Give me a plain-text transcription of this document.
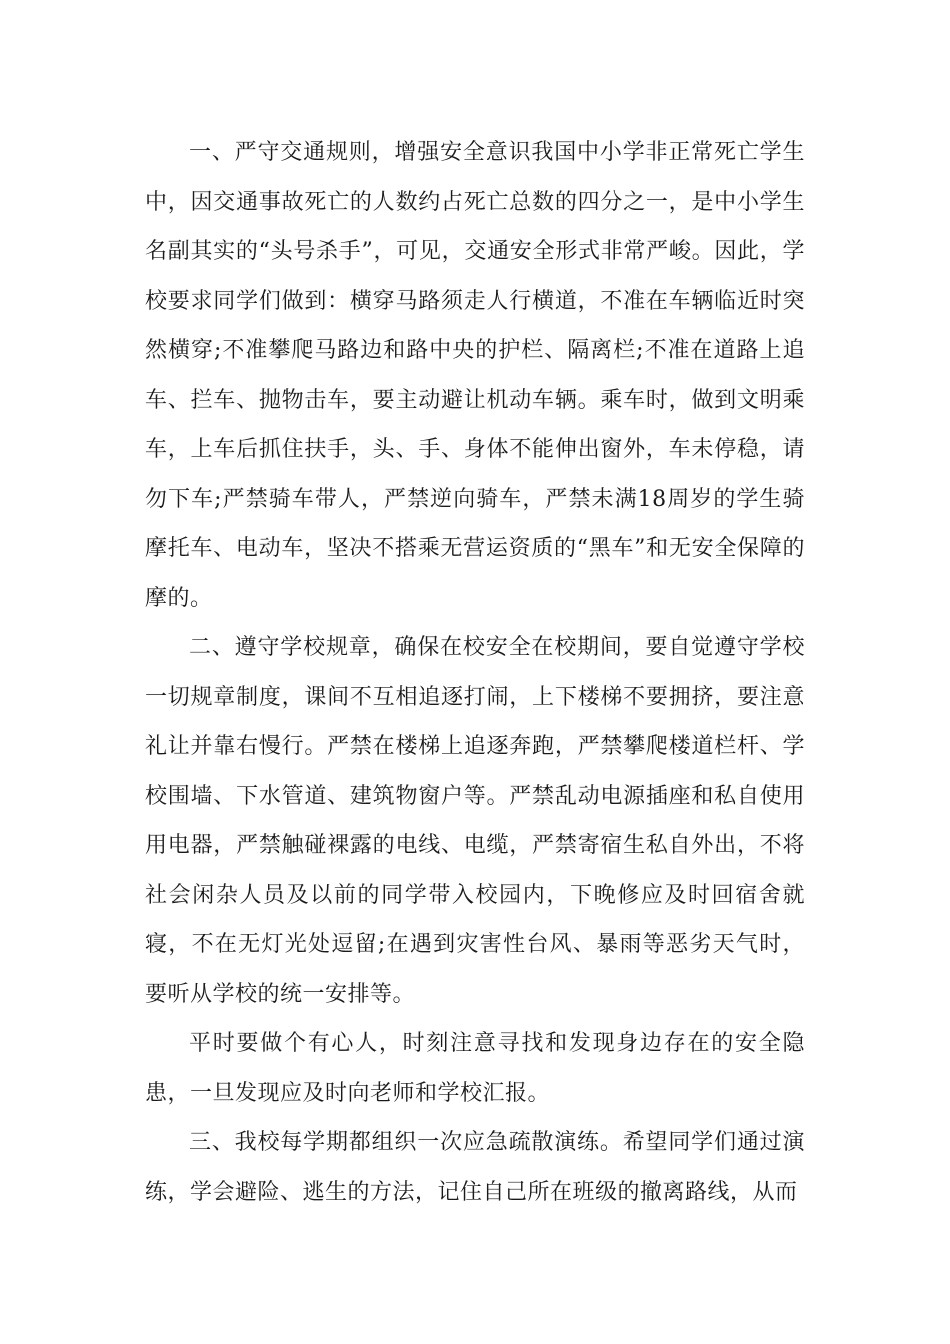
一、严守交通规则，增强安全意识我国中小学非正常死亡学生中，因交通事故死亡的人数约占死亡总数的四分之一，是中小学生名副其实的“头号杀手”，可见，交通安全形式非常严峻。因此，学校要求同学们做到：横穿马路须走人行横道，不准在车辆临近时突然横穿;不准攀爬马路边和路中央的护栏、隔离栏;不准在道路上追车、拦车、抛物击车，要主动避让机动车辆。乘车时，做到文明乘车，上车后抓住扶手，头、手、身体不能伸出窗外，车未停稳，请勿下车;严禁骑车带人，严禁逆向骑车，严禁未满18周岁的学生骑摩托车、电动车，坚决不搭乘无营运资质的“黑车”和无安全保障的摩的。

二、遵守学校规章，确保在校安全在校期间，要自觉遵守学校一切规章制度，课间不互相追逐打闹，上下楼梯不要拥挤，要注意礼让并靠右慢行。严禁在楼梯上追逐奔跑，严禁攀爬楼道栏杆、学校围墙、下水管道、建筑物窗户等。严禁乱动电源插座和私自使用用电器，严禁触碰裸露的电线、电缆，严禁寄宿生私自外出，不将社会闲杂人员及以前的同学带入校园内，下晚修应及时回宿舍就寝，不在无灯光处逗留;在遇到灾害性台风、暴雨等恶劣天气时，要听从学校的统一安排等。

平时要做个有心人，时刻注意寻找和发现身边存在的安全隐患，一旦发现应及时向老师和学校汇报。

三、我校每学期都组织一次应急疏散演练。希望同学们通过演练，学会避险、逃生的方法，记住自己所在班级的撤离路线，从而
